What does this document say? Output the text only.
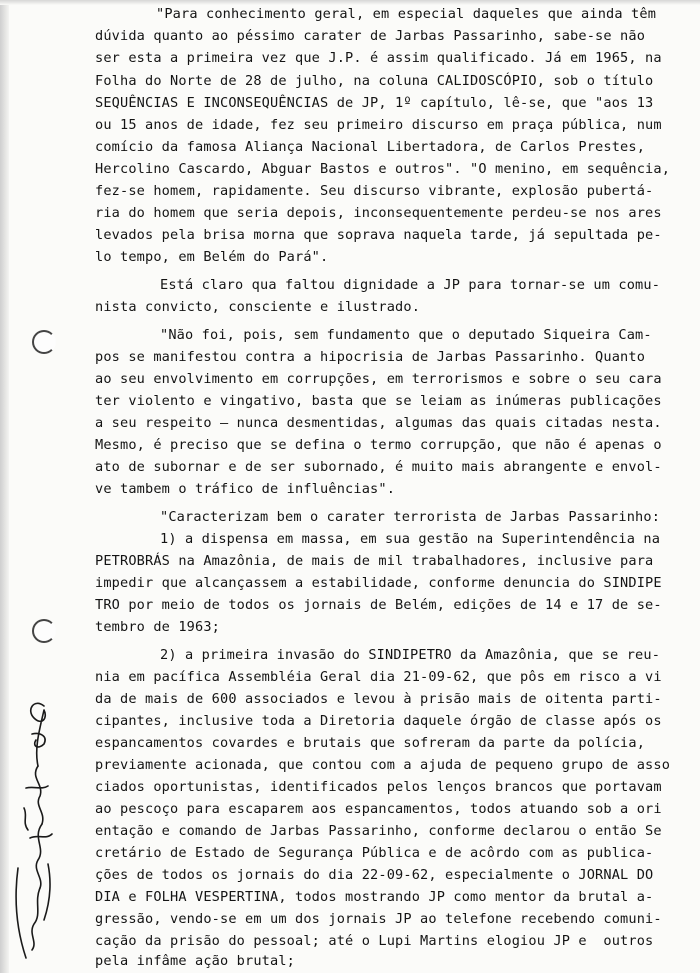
"Para conhecimento geral, em especial daqueles que ainda têm
dúvida quanto ao péssimo carater de Jarbas Passarinho, sabe-se não
ser esta a primeira vez que J.P. é assim qualificado. Já em 1965, na
Folha do Norte de 28 de julho, na coluna CALIDOSCÓPIO, sob o título
SEQUÊNCIAS E INCONSEQUÊNCIAS de JP, 1º capítulo, lê-se, que "aos 13
ou 15 anos de idade, fez seu primeiro discurso em praça pública, num
comício da famosa Aliança Nacional Libertadora, de Carlos Prestes,
Hercolino Cascardo, Abguar Bastos e outros". "O menino, em sequência,
fez-se homem, rapidamente. Seu discurso vibrante, explosão pubertá-
ria do homem que seria depois, inconsequentemente perdeu-se nos ares
levados pela brisa morna que soprava naquela tarde, já sepultada pe-
lo tempo, em Belém do Pará".
Está claro qua faltou dignidade a JP para tornar-se um comu-
nista convicto, consciente e ilustrado.
"Não foi, pois, sem fundamento que o deputado Siqueira Cam-
pos se manifestou contra a hipocrisia de Jarbas Passarinho. Quanto
ao seu envolvimento em corrupções, em terrorismos e sobre o seu cara
ter violento e vingativo, basta que se leiam as inúmeras publicações
a seu respeito — nunca desmentidas, algumas das quais citadas nesta.
Mesmo, é preciso que se defina o termo corrupção, que não é apenas o
ato de subornar e de ser subornado, é muito mais abrangente e envol-
ve tambem o tráfico de influências".
"Caracterizam bem o carater terrorista de Jarbas Passarinho:
1) a dispensa em massa, em sua gestão na Superintendência na
PETROBRÁS na Amazônia, de mais de mil trabalhadores, inclusive para
impedir que alcançassem a estabilidade, conforme denuncia do SINDIPE
TRO por meio de todos os jornais de Belém, edições de 14 e 17 de se-
tembro de 1963;
2) a primeira invasão do SINDIPETRO da Amazônia, que se reu-
nia em pacífica Assembléia Geral dia 21-09-62, que pôs em risco a vi
da de mais de 600 associados e levou à prisão mais de oitenta parti-
cipantes, inclusive toda a Diretoria daquele órgão de classe após os
espancamentos covardes e brutais que sofreram da parte da polícia,
previamente acionada, que contou com a ajuda de pequeno grupo de asso
ciados oportunistas, identificados pelos lenços brancos que portavam
ao pescoço para escaparem aos espancamentos, todos atuando sob a ori
entação e comando de Jarbas Passarinho, conforme declarou o então Se
cretário de Estado de Segurança Pública e de acôrdo com as publica-
ções de todos os jornais do dia 22-09-62, especialmente o JORNAL DO
DIA e FOLHA VESPERTINA, todos mostrando JP como mentor da brutal a-
gressão, vendo-se em um dos jornais JP ao telefone recebendo comuni-
cação da prisão do pessoal; até o Lupi Martins elogiou JP e  outros
pela infâme ação brutal;
